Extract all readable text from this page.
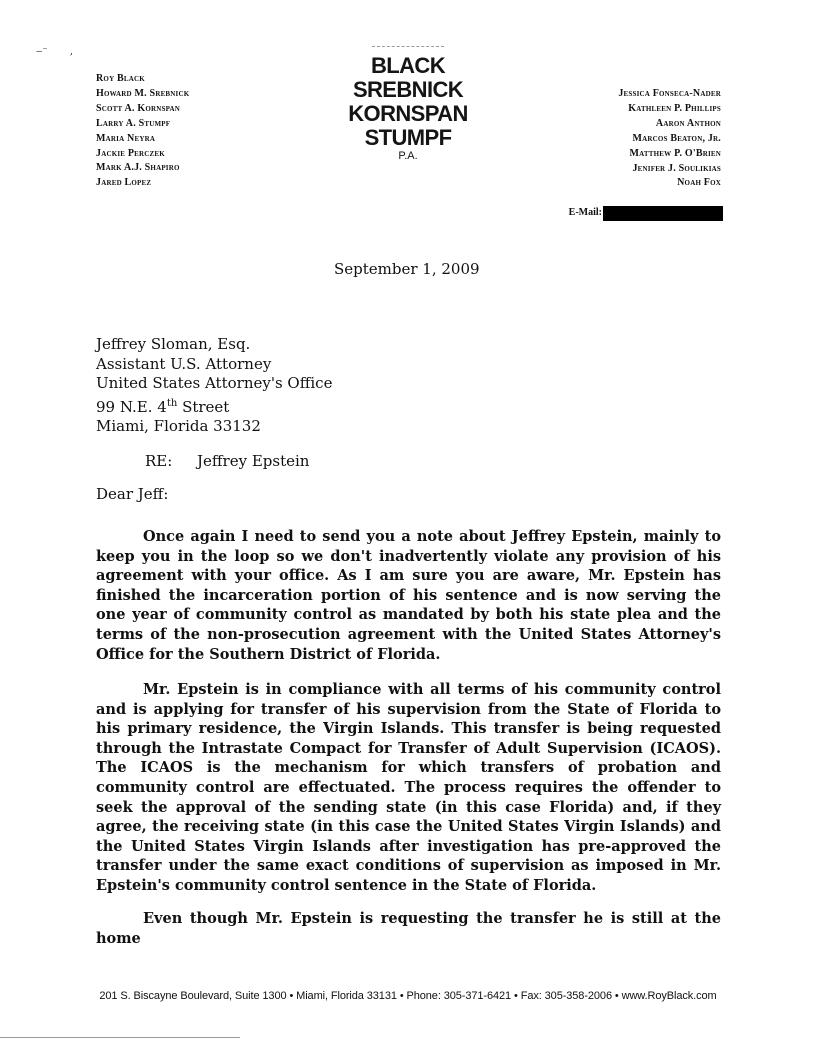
‒⁻       ,
Roy Black
Howard M. Srebnick
Scott A. Kornspan
Larry A. Stumpf
Maria Neyra
Jackie Perczek
Mark A.J. Shapiro
Jared Lopez
BLACK
SREBNICK
KORNSPAN
STUMPF
P.A.
Jessica Fonseca-Nader
Kathleen P. Phillips
Aaron Anthon
Marcos Beaton, Jr.
Matthew P. O'Brien
Jenifer J. Soulikias
Noah Fox
E-Mail:
September 1, 2009
Jeffrey Sloman, Esq.
Assistant U.S. Attorney
United States Attorney's Office
99 N.E. 4th Street
Miami, Florida 33132
RE: Jeffrey Epstein
Dear Jeff:

Once again I need to send you a note about Jeffrey Epstein, mainly to keep you in the loop so we don't inadvertently violate any provision of his agreement with your office. As I am sure you are aware, Mr. Epstein has finished the incarceration portion of his sentence and is now serving the one year of community control as mandated by both his state plea and the terms of the non-prosecution agreement with the United States Attorney's Office for the Southern District of Florida.

Mr. Epstein is in compliance with all terms of his community control and is applying for transfer of his supervision from the State of Florida to his primary residence, the Virgin Islands. This transfer is being requested through the Intrastate Compact for Transfer of Adult Supervision (ICAOS). The ICAOS is the mechanism for which transfers of probation and community control are effectuated. The process requires the offender to seek the approval of the sending state (in this case Florida) and, if they agree, the receiving state (in this case the United States Virgin Islands) and the United States Virgin Islands after investigation has pre-approved the transfer under the same exact conditions of supervision as imposed in Mr. Epstein's community control sentence in the State of Florida.

Even though Mr. Epstein is requesting the transfer he is still at the home

201 S. Biscayne Boulevard, Suite 1300 • Miami, Florida 33131 • Phone: 305-371-6421 • Fax: 305-358-2006 • www.RoyBlack.com
